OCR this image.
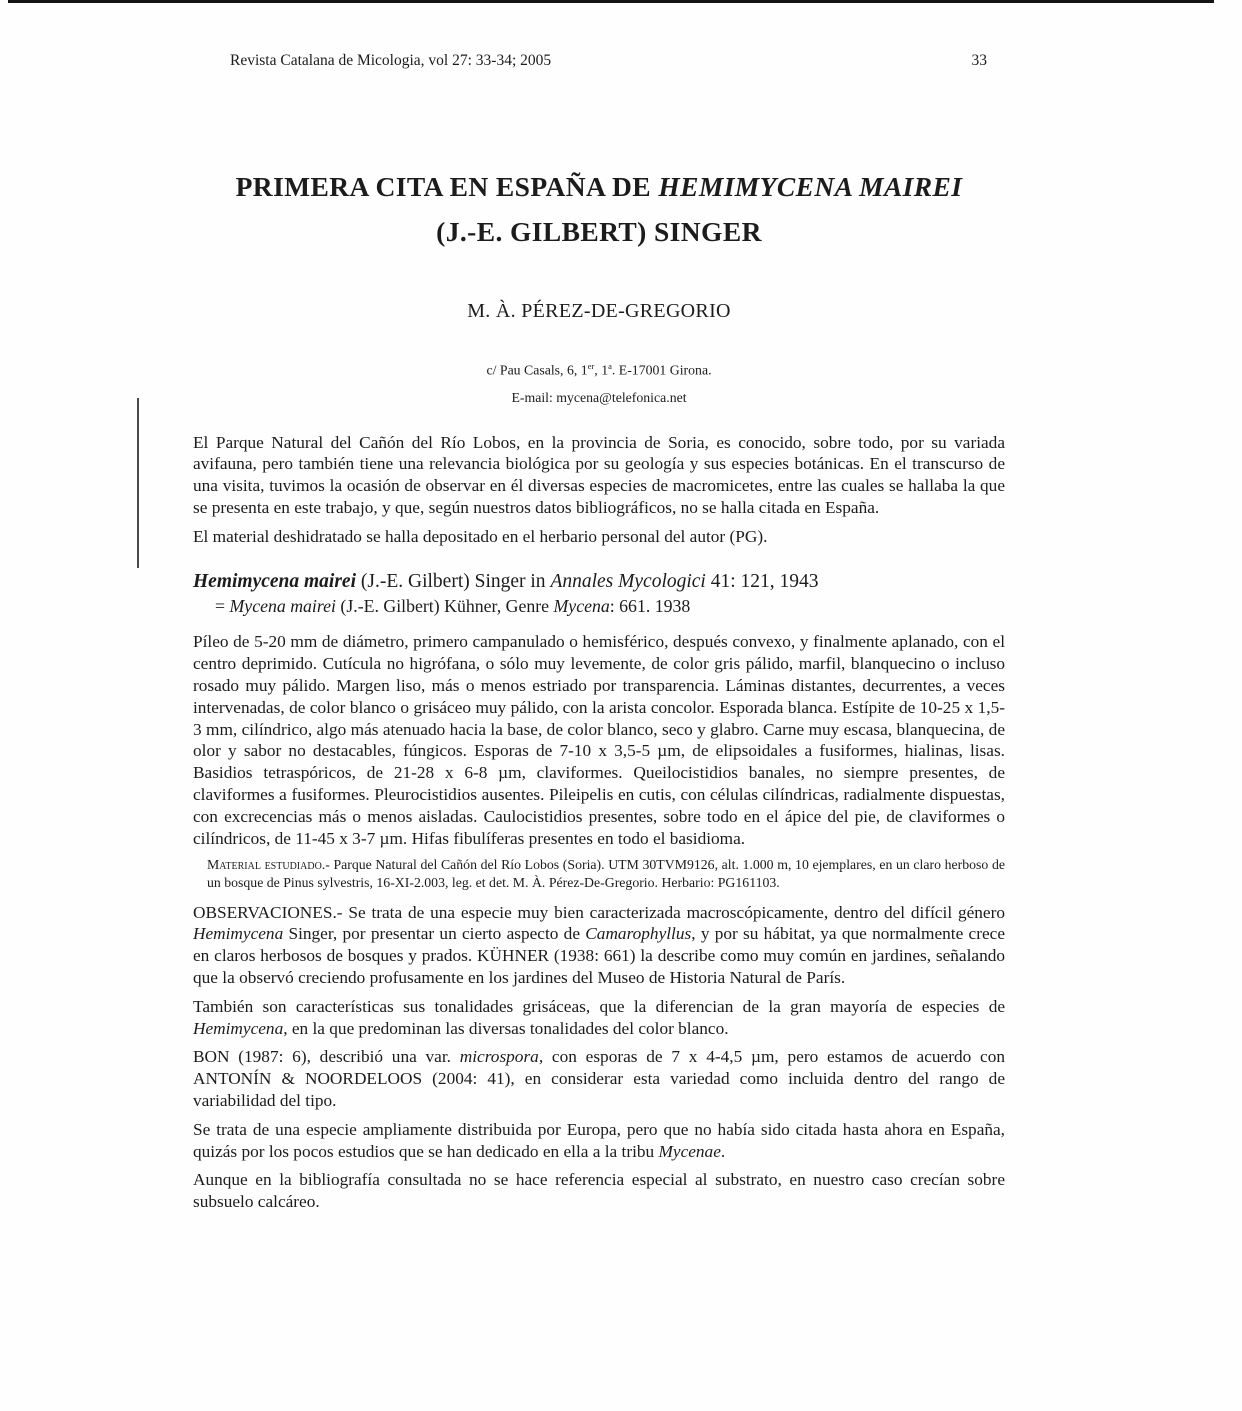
Revista Catalana de Micologia, vol 27: 33-34; 2005	33
PRIMERA CITA EN ESPAÑA DE HEMIMYCENA MAIREI
(J.-E. GILBERT) SINGER
M. À. PÉREZ-DE-GREGORIO
c/ Pau Casals, 6, 1er, 1$^a$. E-17001 Girona.
E-mail: mycena@telefonica.net

El Parque Natural del Cañón del Río Lobos, en la provincia de Soria, es conocido, sobre todo, por su variada avifauna, pero también tiene una relevancia biológica por su geología y sus especies botánicas. En el transcurso de una visita, tuvimos la ocasión de observar en él diversas especies de macromicetes, entre las cuales se hallaba la que se presenta en este trabajo, y que, según nuestros datos bibliográficos, no se halla citada en España.

El material deshidratado se halla depositado en el herbario personal del autor (PG).

Hemimycena mairei (J.-E. Gilbert) Singer in Annales Mycologici 41: 121, 1943

= Mycena mairei (J.-E. Gilbert) Kühner, Genre Mycena: 661. 1938

Píleo de 5-20 mm de diámetro, primero campanulado o hemisférico, después convexo, y finalmente aplanado, con el centro deprimido. Cutícula no higrófana, o sólo muy levemente, de color gris pálido, marfil, blanquecino o incluso rosado muy pálido. Margen liso, más o menos estriado por transparencia. Láminas distantes, decurrentes, a veces intervenadas, de color blanco o grisáceo muy pálido, con la arista concolor. Esporada blanca. Estípite de 10-25 x 1,5-3 mm, cilíndrico, algo más atenuado hacia la base, de color blanco, seco y glabro. Carne muy escasa, blanquecina, de olor y sabor no destacables, fúngicos. Esporas de 7-10 x 3,5-5 µm, de elipsoidales a fusiformes, hialinas, lisas. Basidios tetraspóricos, de 21-28 x 6-8 µm, claviformes. Queilocistidios banales, no siempre presentes, de claviformes a fusiformes. Pleurocistidios ausentes. Pileipelis en cutis, con células cilíndricas, radialmente dispuestas, con excrecencias más o menos aisladas. Caulocistidios presentes, sobre todo en el ápice del pie, de claviformes o cilíndricos, de 11-45 x 3-7 µm. Hifas fibulíferas presentes en todo el basidioma.

Material estudiado.- Parque Natural del Cañón del Río Lobos (Soria). UTM 30TVM9126, alt. 1.000 m, 10 ejemplares, en un claro herboso de un bosque de Pinus sylvestris, 16-XI-2.003, leg. et det. M. À. Pérez-De-Gregorio. Herbario: PG161103.

OBSERVACIONES.- Se trata de una especie muy bien caracterizada macroscópicamente, dentro del difícil género Hemimycena Singer, por presentar un cierto aspecto de Camarophyllus, y por su hábitat, ya que normalmente crece en claros herbosos de bosques y prados. KÜHNER (1938: 661) la describe como muy común en jardines, señalando que la observó creciendo profusamente en los jardines del Museo de Historia Natural de París.

También son características sus tonalidades grisáceas, que la diferencian de la gran mayoría de especies de Hemimycena, en la que predominan las diversas tonalidades del color blanco.

BON (1987: 6), describió una var. microspora, con esporas de 7 x 4-4,5 µm, pero estamos de acuerdo con ANTONÍN & NOORDELOOS (2004: 41), en considerar esta variedad como incluida dentro del rango de variabilidad del tipo.

Se trata de una especie ampliamente distribuida por Europa, pero que no había sido citada hasta ahora en España, quizás por los pocos estudios que se han dedicado en ella a la tribu Mycenae.

Aunque en la bibliografía consultada no se hace referencia especial al substrato, en nuestro caso crecían sobre subsuelo calcáreo.
